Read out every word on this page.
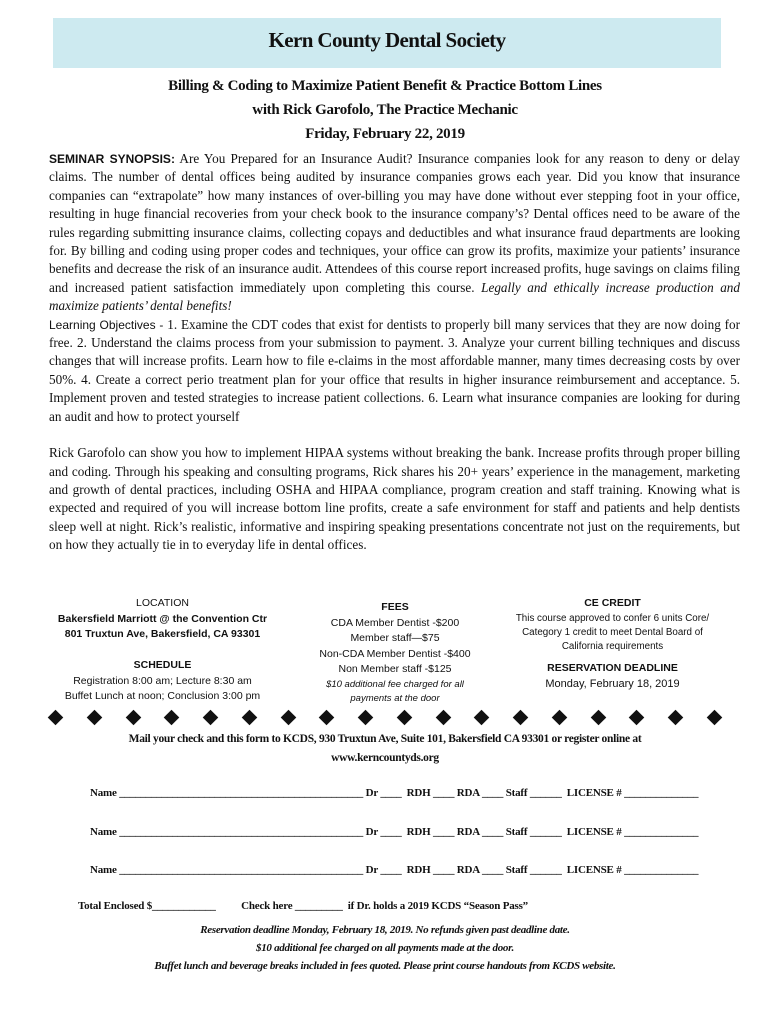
Kern County Dental Society
Billing & Coding to Maximize Patient Benefit & Practice Bottom Lines
with Rick Garofolo, The Practice Mechanic
Friday, February 22, 2019

SEMINAR SYNOPSIS: Are You Prepared for an Insurance Audit? Insurance companies look for any reason to deny or delay claims. The number of dental offices being audited by insurance companies grows each year. Did you know that insurance companies can “extrapolate” how many instances of over-billing you may have done without ever stepping foot in your office, resulting in huge financial recoveries from your check book to the insurance company’s? Dental offices need to be aware of the rules regarding submitting insurance claims, collecting copays and deductibles and what insurance fraud departments are looking for. By billing and coding using proper codes and techniques, your office can grow its profits, maximize your patients’ insurance benefits and decrease the risk of an insurance audit. Attendees of this course report increased profits, huge savings on claims filing and increased patient satisfaction immediately upon completing this course. Legally and ethically increase production and maximize patients’ dental benefits!

Learning Objectives - 1. Examine the CDT codes that exist for dentists to properly bill many services that they are now doing for free. 2. Understand the claims process from your submission to payment. 3. Analyze your current billing techniques and discuss changes that will increase profits. Learn how to file e-claims in the most affordable manner, many times decreasing costs by over 50%. 4. Create a correct perio treatment plan for your office that results in higher insurance reimbursement and acceptance. 5. Implement proven and tested strategies to increase patient collections. 6. Learn what insurance companies are looking for during an audit and how to protect yourself

Rick Garofolo can show you how to implement HIPAA systems without breaking the bank. Increase profits through proper billing and coding. Through his speaking and consulting programs, Rick shares his 20+ years’ experience in the management, marketing and growth of dental practices, including OSHA and HIPAA compliance, program creation and staff training. Knowing what is expected and required of you will increase bottom line profits, create a safe environment for staff and patients and help dentists sleep well at night. Rick’s realistic, informative and inspiring speaking presentations concentrate not just on the requirements, but on how they actually tie in to everyday life in dental offices.

LOCATION
Bakersfield Marriott @ the Convention Ctr
801 Truxtun Ave, Bakersfield, CA 93301
SCHEDULE
Registration 8:00 am; Lecture 8:30 am
Buffet Lunch at noon; Conclusion 3:00 pm
FEES
CDA Member Dentist -$200
Member staff—$75
Non-CDA Member Dentist -$400
Non Member staff -$125
$10 additional fee charged for all
payments at the door
CE CREDIT
This course approved to confer 6 units Core/
Category 1 credit to meet Dental Board of
California requirements
RESERVATION DEADLINE
Monday, February 18, 2019
Mail your check and this form to KCDS, 930 Truxtun Ave, Suite 101, Bakersfield CA 93301 or register online at
www.kerncountyds.org
Name ______________________________________________ Dr ____  RDH ____ RDA ____ Staff ______  LICENSE # ______________
Name ______________________________________________ Dr ____  RDH ____ RDA ____ Staff ______  LICENSE # ______________
Name ______________________________________________ Dr ____  RDH ____ RDA ____ Staff ______  LICENSE # ______________
Total Enclosed $____________          Check here _________  if Dr. holds a 2019 KCDS “Season Pass”
Reservation deadline Monday, February 18, 2019. No refunds given past deadline date.
$10 additional fee charged on all payments made at the door.
Buffet lunch and beverage breaks included in fees quoted. Please print course handouts from KCDS website.
